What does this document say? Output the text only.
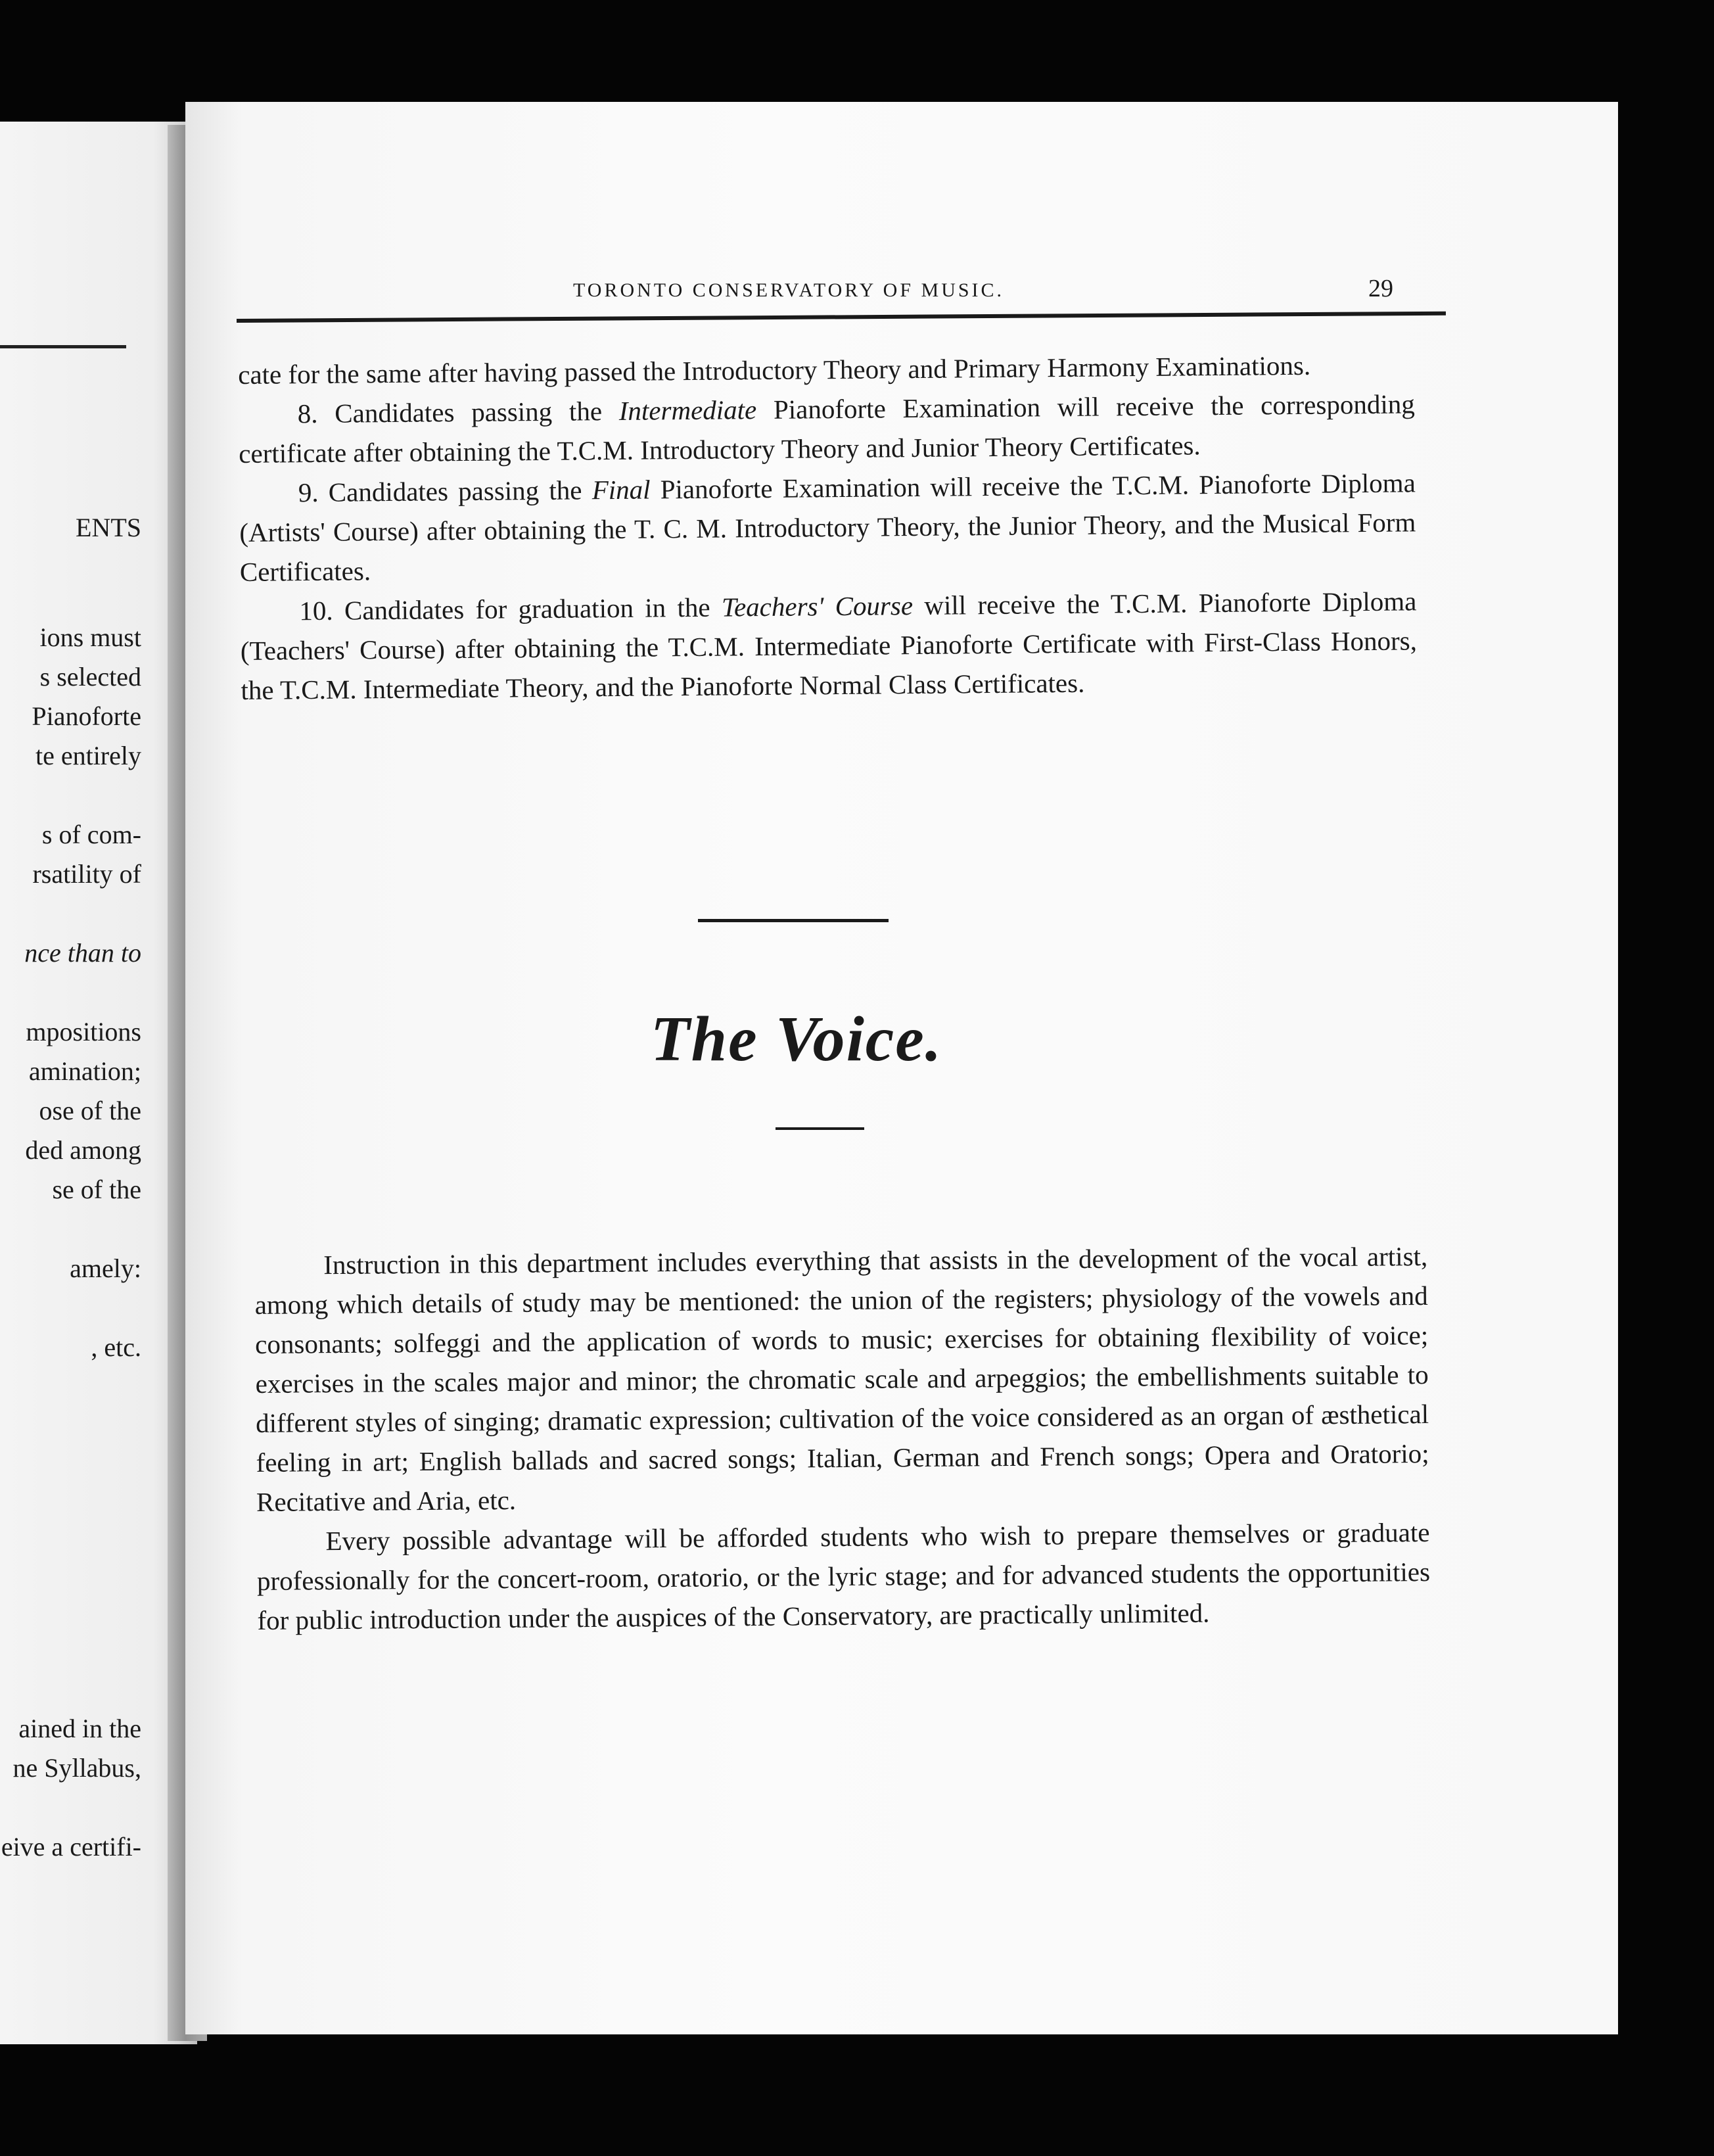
ENTS
ions must
s selected
Pianoforte
te entirely
s of com-
rsatility of
nce than to
mpositions
amination;
ose of the
ded among
se of the
amely:
, etc.
ained in the
ne Syllabus,
eive a certifi-
TORONTO CONSERVATORY OF MUSIC.	29

cate for the same after having passed the Introductory Theory and Primary Harmony Examinations.

8. Candidates passing the Intermediate Pianoforte Examination will receive the corresponding certificate after obtaining the T.C.M. Introductory Theory and Junior Theory Certificates.

9. Candidates passing the Final Pianoforte Examination will receive the T.C.M. Pianoforte Diploma (Artists' Course) after obtaining the T. C. M. Introductory Theory, the Junior Theory, and the Musical Form Certificates.

10. Candidates for graduation in the Teachers' Course will receive the T.C.M. Pianoforte Diploma (Teachers' Course) after obtaining the T.C.M. Intermediate Pianoforte Certificate with First-Class Honors, the T.C.M. Intermediate Theory, and the Pianoforte Normal Class Certificates.

The Voice.

Instruction in this department includes everything that assists in the development of the vocal artist, among which details of study may be mentioned: the union of the registers; physiology of the vowels and consonants; solfeggi and the application of words to music; exercises for obtaining flexibility of voice; exercises in the scales major and minor; the chromatic scale and arpeggios; the embellishments suitable to different styles of singing; dramatic expression; cultivation of the voice considered as an organ of æsthetical feeling in art; English ballads and sacred songs; Italian, German and French songs; Opera and Oratorio; Recitative and Aria, etc.

Every possible advantage will be afforded students who wish to prepare themselves or graduate professionally for the concert-room, oratorio, or the lyric stage; and for advanced students the opportunities for public introduction under the auspices of the Conservatory, are practically unlimited.
